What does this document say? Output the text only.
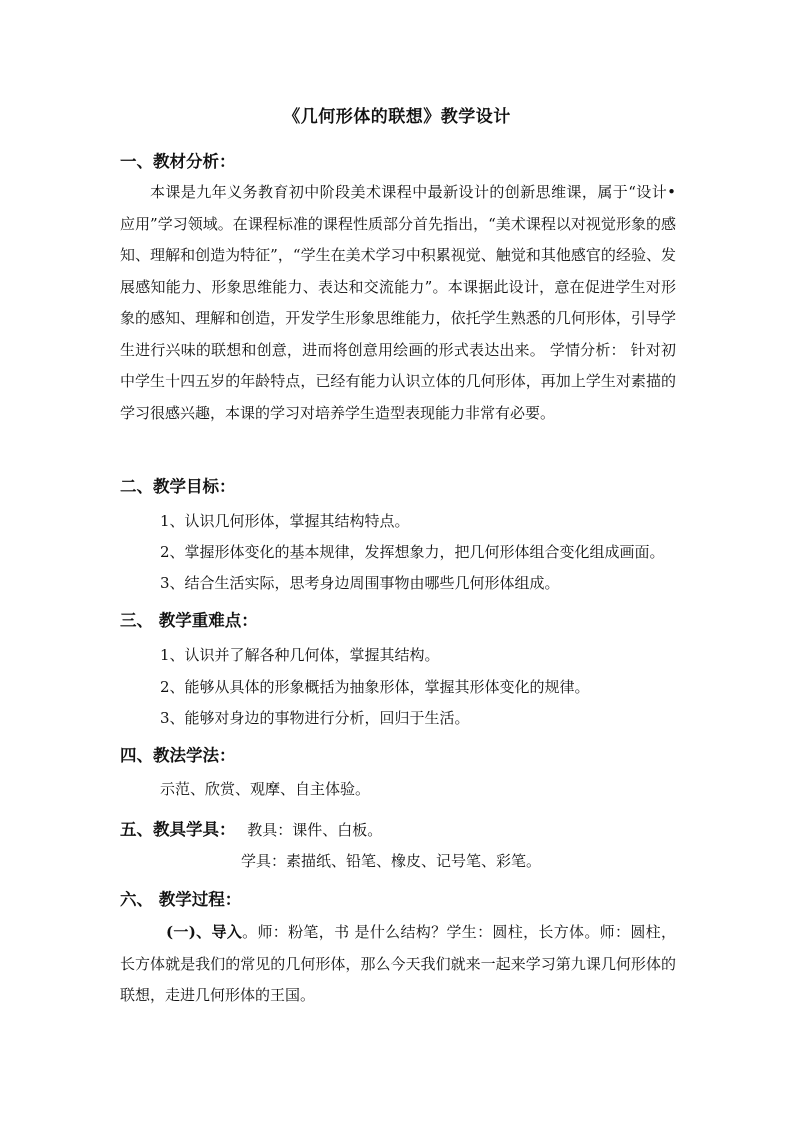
《几何形体的联想》教学设计
一、教材分析：

本课是九年义务教育初中阶段美术课程中最新设计的创新思维课，属于“设计•应用”学习领域。在课程标准的课程性质部分首先指出，“美术课程以对视觉形象的感知、理解和创造为特征”，“学生在美术学习中积累视觉、触觉和其他感官的经验、发展感知能力、形象思维能力、表达和交流能力”。本课据此设计，意在促进学生对形象的感知、理解和创造，开发学生形象思维能力，依托学生熟悉的几何形体，引导学生进行兴味的联想和创意，进而将创意用绘画的形式表达出来。 学情分析： 针对初中学生十四五岁的年龄特点，已经有能力认识立体的几何形体，再加上学生对素描的学习很感兴趣，本课的学习对培养学生造型表现能力非常有必要。

二、教学目标：
1、认识几何形体，掌握其结构特点。
2、掌握形体变化的基本规律，发挥想象力，把几何形体组合变化组成画面。
3、结合生活实际，思考身边周围事物由哪些几何形体组成。
三、 教学重难点：
1、认识并了解各种几何体，掌握其结构。
2、能够从具体的形象概括为抽象形体，掌握其形体变化的规律。
3、能够对身边的事物进行分析，回归于生活。
四、教法学法：
示范、欣赏、观摩、自主体验。
五、教具学具： 教具：课件、白板。
学具：素描纸、铅笔、橡皮、记号笔、彩笔。
六、 教学过程：

(一)、导入。师：粉笔，书 是什么结构？学生：圆柱，长方体。师：圆柱，长方体就是我们的常见的几何形体，那么今天我们就来一起来学习第九课几何形体的联想，走进几何形体的王国。
